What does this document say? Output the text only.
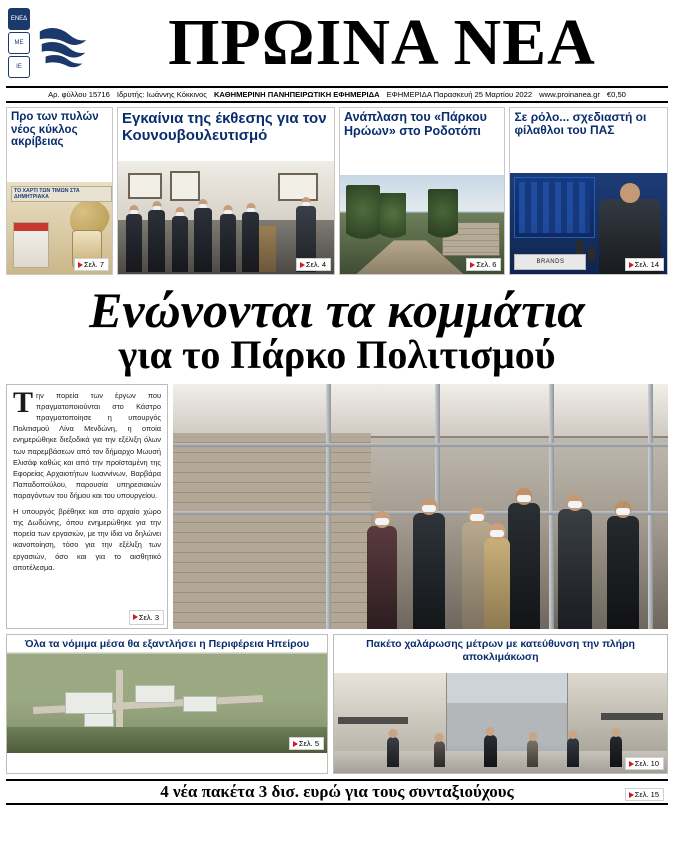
ΕΝΕΔ
ΜΕ
ΙΕ	ΠΡΩΙΝΑ ΝΕΑ
Αρ. φύλλου 15716 Ιδρυτής: Ιωάννης Κόκκινος ΚΑΘΗΜΕΡΙΝΗ ΠΑΝΗΠΕΙΡΩΤΙΚΗ ΕΦΗΜΕΡΙΔΑ ΕΦΗΜΕΡΙΔΑ Παρασκευή 25 Μαρτίου 2022 www.proinanea.gr €0,50
Προ των πυλών νέος κύκλος ακρίβειας
ΤΟ ΧΑΡΤΙ ΤΩΝ ΤΙΜΩΝ ΣΤΑ ΔΗΜΗΤΡΙΑΚΑ
Σελ. 7
Εγκαίνια της έκθεσης για τον Κουνουβουλευτισμό
Σελ. 4
Ανάπλαση του «Πάρκου Ηρώων» στο Ροδοτόπι
Σελ. 6
Σε ρόλο... σχεδιαστή οι φίλαθλοι του ΠΑΣ
BRANDS	Σελ. 14
Ενώνονται τα κομμάτια
για το Πάρκο Πολιτισμού

Την πορεία των έργων που πραγματοποιούνται στο Κάστρο πραγματοποίησε η υπουργός Πολιτισμού Λίνα Μενδώνη, η οποία ενημερώθηκε διεξοδικά για την εξέλιξη όλων των παρεμβάσεων από τον δήμαρχο Μωυσή Ελισάφ καθώς και από την προϊσταμένη της Εφορείας Αρχαιοτήτων Ιωαννίνων, Βαρβάρα Παπαδοπούλου, παρουσία υπηρεσιακών παραγόντων του δήμου και του υπουργείου.

Η υπουργός βρέθηκε και στο αρχαίο χώρο της Δωδώνης, όπου ενημερώθηκε για την πορεία των εργασιών, με την ίδια να δηλώνει ικανοποίηση, τόσο για την εξέλιξη των εργασιών, όσο και για το αισθητικό αποτέλεσμα.

Σελ. 3
Σελ. 5
Όλα τα νόμιμα μέσα θα εξαντλήσει η Περιφέρεια Ηπείρου	Πακέτο χαλάρωσης μέτρων με κατεύθυνση την πλήρη αποκλιμάκωση
Σελ. 10
4 νέα πακέτα 3 δισ. ευρώ για τους συνταξιούχους	Σελ. 15
